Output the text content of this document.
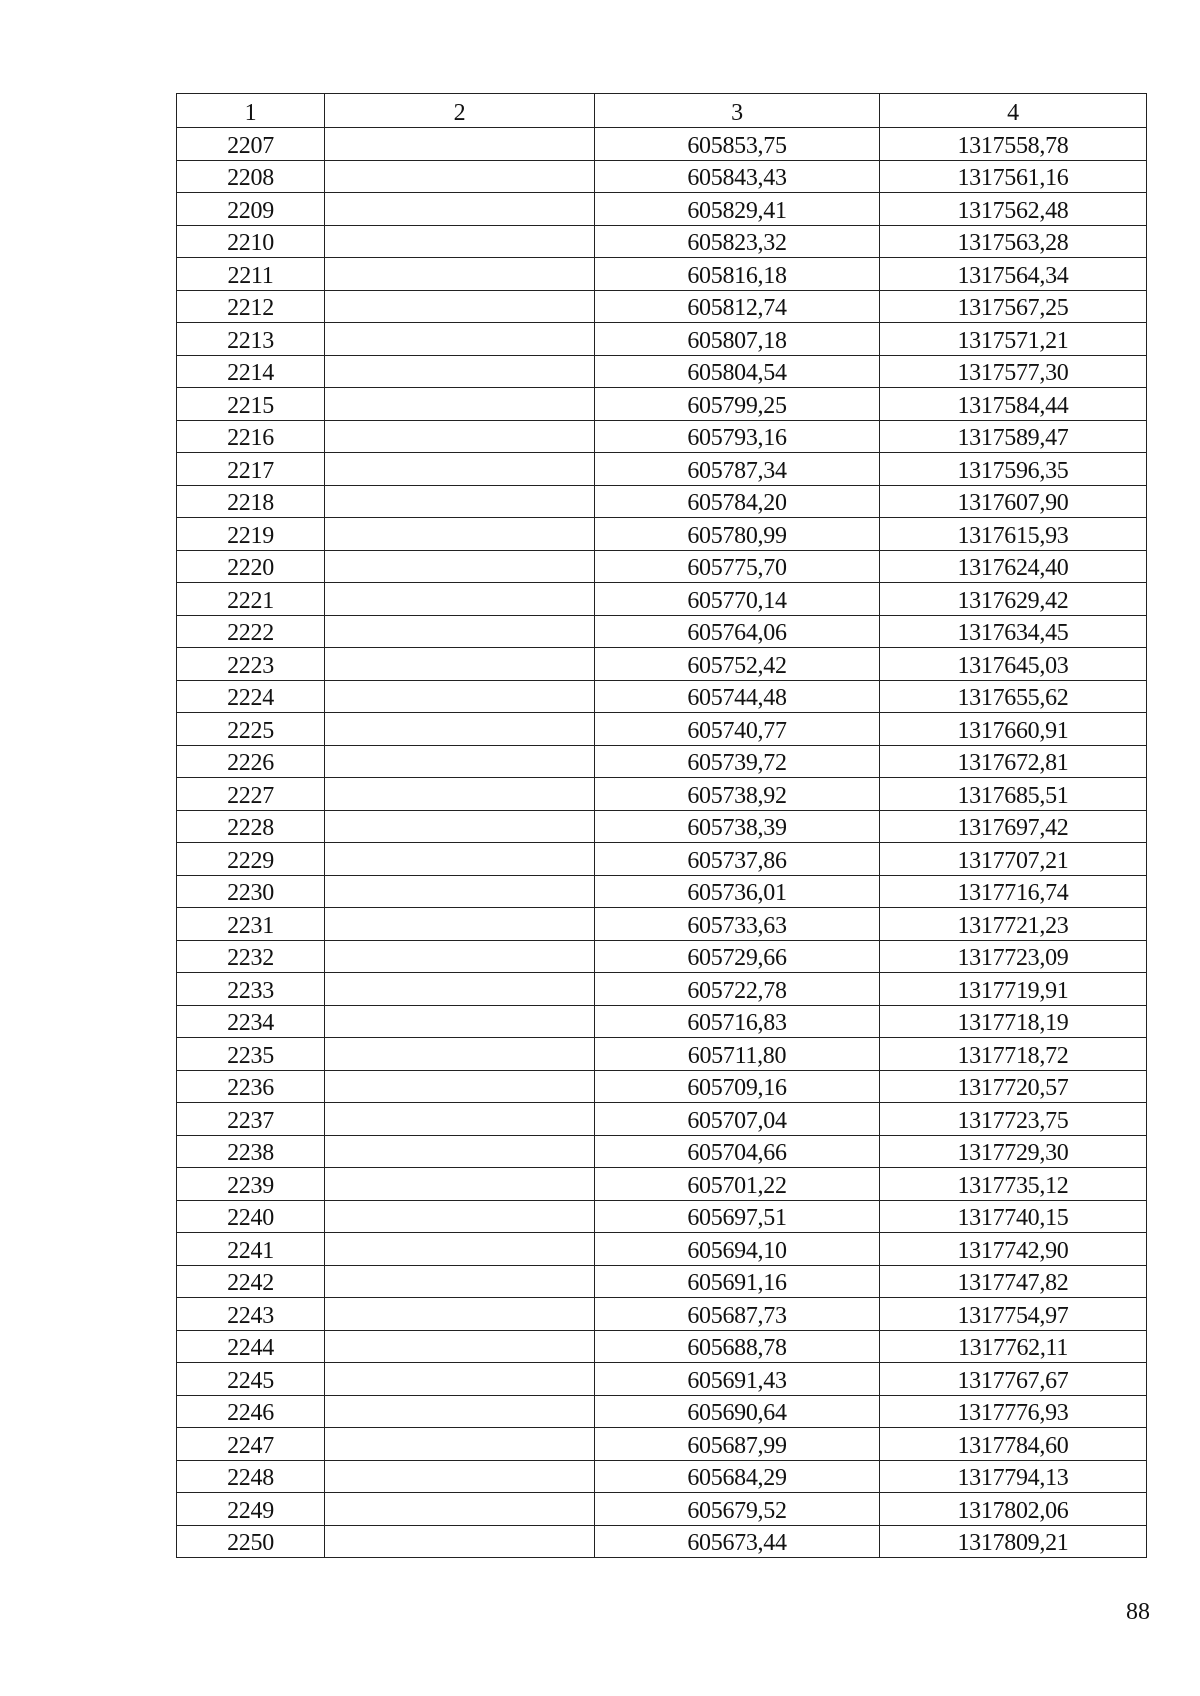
1	2	3	4
2207		605853,75	1317558,78
2208		605843,43	1317561,16
2209		605829,41	1317562,48
2210		605823,32	1317563,28
2211		605816,18	1317564,34
2212		605812,74	1317567,25
2213		605807,18	1317571,21
2214		605804,54	1317577,30
2215		605799,25	1317584,44
2216		605793,16	1317589,47
2217		605787,34	1317596,35
2218		605784,20	1317607,90
2219		605780,99	1317615,93
2220		605775,70	1317624,40
2221		605770,14	1317629,42
2222		605764,06	1317634,45
2223		605752,42	1317645,03
2224		605744,48	1317655,62
2225		605740,77	1317660,91
2226		605739,72	1317672,81
2227		605738,92	1317685,51
2228		605738,39	1317697,42
2229		605737,86	1317707,21
2230		605736,01	1317716,74
2231		605733,63	1317721,23
2232		605729,66	1317723,09
2233		605722,78	1317719,91
2234		605716,83	1317718,19
2235		605711,80	1317718,72
2236		605709,16	1317720,57
2237		605707,04	1317723,75
2238		605704,66	1317729,30
2239		605701,22	1317735,12
2240		605697,51	1317740,15
2241		605694,10	1317742,90
2242		605691,16	1317747,82
2243		605687,73	1317754,97
2244		605688,78	1317762,11
2245		605691,43	1317767,67
2246		605690,64	1317776,93
2247		605687,99	1317784,60
2248		605684,29	1317794,13
2249		605679,52	1317802,06
2250		605673,44	1317809,21
88
